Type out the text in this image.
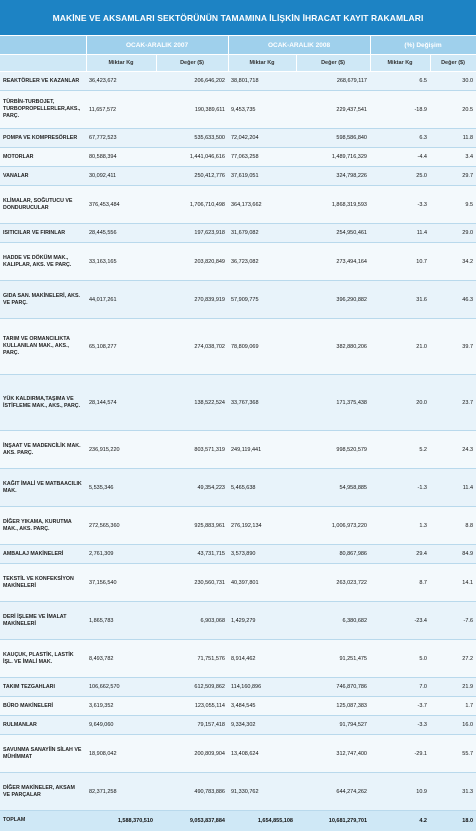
MAKİNE VE AKSAMLARI SEKTÖRÜNÜN TAMAMINA İLİŞKİN İHRACAT KAYIT RAKAMLARI
	OCAK-ARALIK 2007		OCAK-ARALIK 2008		(%) Değişim	
	Miktar Kg	Değer ($)	Miktar Kg	Değer ($)	Miktar Kg	Değer ($)
REAKTÖRLER VE KAZANLAR	36,423,672	206,646,202	38,801,718	268,679,117	6.5	30.0
TÜRBİN-TURBOJET, TURBOPROPELLERLER,AKS., PARÇ.	11,657,572	190,389,611	9,453,735	229,437,541	-18.9	20.5
POMPA VE KOMPRESÖRLER	67,772,523	535,633,500	72,042,204	598,586,840	6.3	11.8
MOTORLAR	80,588,394	1,441,046,616	77,063,258	1,489,716,329	-4.4	3.4
VANALAR	30,092,411	250,412,776	37,619,051	324,798,226	25.0	29.7
KLİMALAR, SOĞUTUCU VE DONDURUCULAR	376,453,484	1,706,710,498	364,173,662	1,868,319,593	-3.3	9.5
ISITICILAR VE FIRINLAR	28,445,556	197,623,918	31,679,082	254,950,461	11.4	29.0
HADDE VE DÖKÜM MAK., KALIPLAR, AKS. VE PARÇ.	33,163,165	203,820,849	36,723,082	273,494,164	10.7	34.2
GIDA SAN. MAKİNELERİ, AKS. VE PARÇ.	44,017,261	270,839,919	57,909,775	396,290,882	31.6	46.3
TARIM VE ORMANCILIKTA KULLANILAN MAK., AKS., PARÇ.	65,108,277	274,038,702	78,809,069	382,880,206	21.0	39.7
YÜK KALDIRMA,TAŞIMA VE İSTİFLEME MAK., AKS., PARÇ.	28,144,574	138,522,524	33,767,368	171,375,438	20.0	23.7
İNŞAAT VE MADENCİLİK MAK. AKS. PARÇ.	236,915,220	803,571,319	249,119,441	998,520,579	5.2	24.3
KAĞIT İMALİ VE MATBAACILIK MAK.	5,535,346	49,354,223	5,465,638	54,958,885	-1.3	11.4
DİĞER YIKAMA, KURUTMA MAK., AKS. PARÇ.	272,565,360	925,883,961	276,192,134	1,006,973,220	1.3	8.8
AMBALAJ MAKİNELERİ	2,761,309	43,731,715	3,573,890	80,867,986	29.4	84.9
TEKSTİL VE KONFEKSİYON MAKİNELERİ	37,156,540	230,560,731	40,397,801	263,023,722	8.7	14.1
DERİ İŞLEME VE İMALAT MAKİNELERİ	1,865,783	6,903,068	1,429,279	6,380,682	-23.4	-7.6
KAUÇUK, PLASTİK, LASTİK İŞL. VE İMALİ MAK.	8,493,782	71,751,576	8,914,462	91,251,475	5.0	27.2
TAKIM TEZGAHLARI	106,662,570	612,509,862	114,160,896	746,870,786	7.0	21.9
BÜRO MAKİNELERİ	3,619,352	123,055,114	3,484,545	125,087,383	-3.7	1.7
RULMANLAR	9,649,060	79,157,418	9,334,302	91,794,527	-3.3	16.0
SAVUNMA SANAYİİN SİLAH VE MÜHİMMAT	18,908,042	200,809,904	13,408,624	312,747,400	-29.1	55.7
DİĞER MAKİNELER, AKSAM VE PARÇALAR	82,371,258	490,783,886	91,330,762	644,274,262	10.9	31.3
TOPLAM	1,588,370,510	9,053,837,884	1,654,855,108	10,681,279,701	4.2	18.0
